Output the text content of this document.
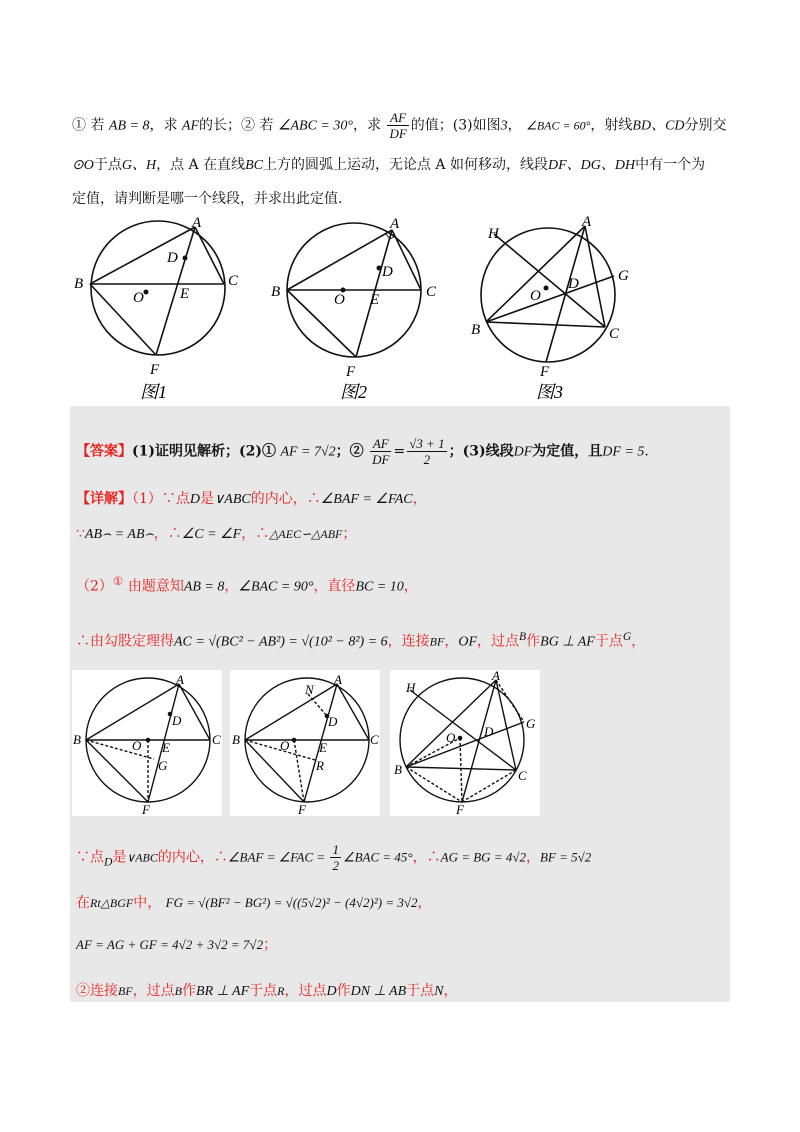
① 若 AB = 8，求 AF的长；② 若 ∠ABC = 30°，求 $\frac{AF}{DF}$ 的值；(3)如图3， ∠BAC = 60°，射线BD、CD分别交
⊙O于点G、H，点 A 在直线BC上方的圆弧上运动，无论点 A 如何移动，线段DF、DG、DH中有一个为
定值，请判断是哪一个线段，并求出此定值.
A
B	C
D
E
F
O
图1
A
B	C
D
E
F
O
图2
A
B	C
D
F
G
H
O
图3
【答案】(1)证明见解析；(2)① AF = 7√2；② $\frac{AF}{DF} = \frac{√3 + 1}{2}$ ；(3)线段DF为定值，且DF = 5.
【详解】（1）∵点D是∨ABC的内心，∴∠BAF = ∠FAC，
∵AB⌢ = AB⌢，∴∠C = ∠F，∴△AEC∽△ABF；
（2）① 由题意知AB = 8，∠BAC = 90°，直径BC = 10，
∴由勾股定理得AC = √(BC² − AB²) = √(10² − 8²) = 6，连接BF，OF，过点$^B$作BG ⊥ AF于点$^G$，
A
B	C
D
E
F
G
O
A
B	C
D
E
F
N
R
O
A
B	C
D
F
G
H
O
∵点$_D$是∨ABC的内心，∴∠BAF = ∠FAC = $\frac{1}{2}$ ∠BAC = 45°，∴AG = BG = 4√2，BF = 5√2
在Rt△BGF中， FG = √(BF² − BG²) = √((5√2)² − (4√2)²) = 3√2，
AF = AG + GF = 4√2 + 3√2 = 7√2；
②连接BF，过点B作BR ⊥ AF于点R，过点D作DN ⊥ AB于点N，
